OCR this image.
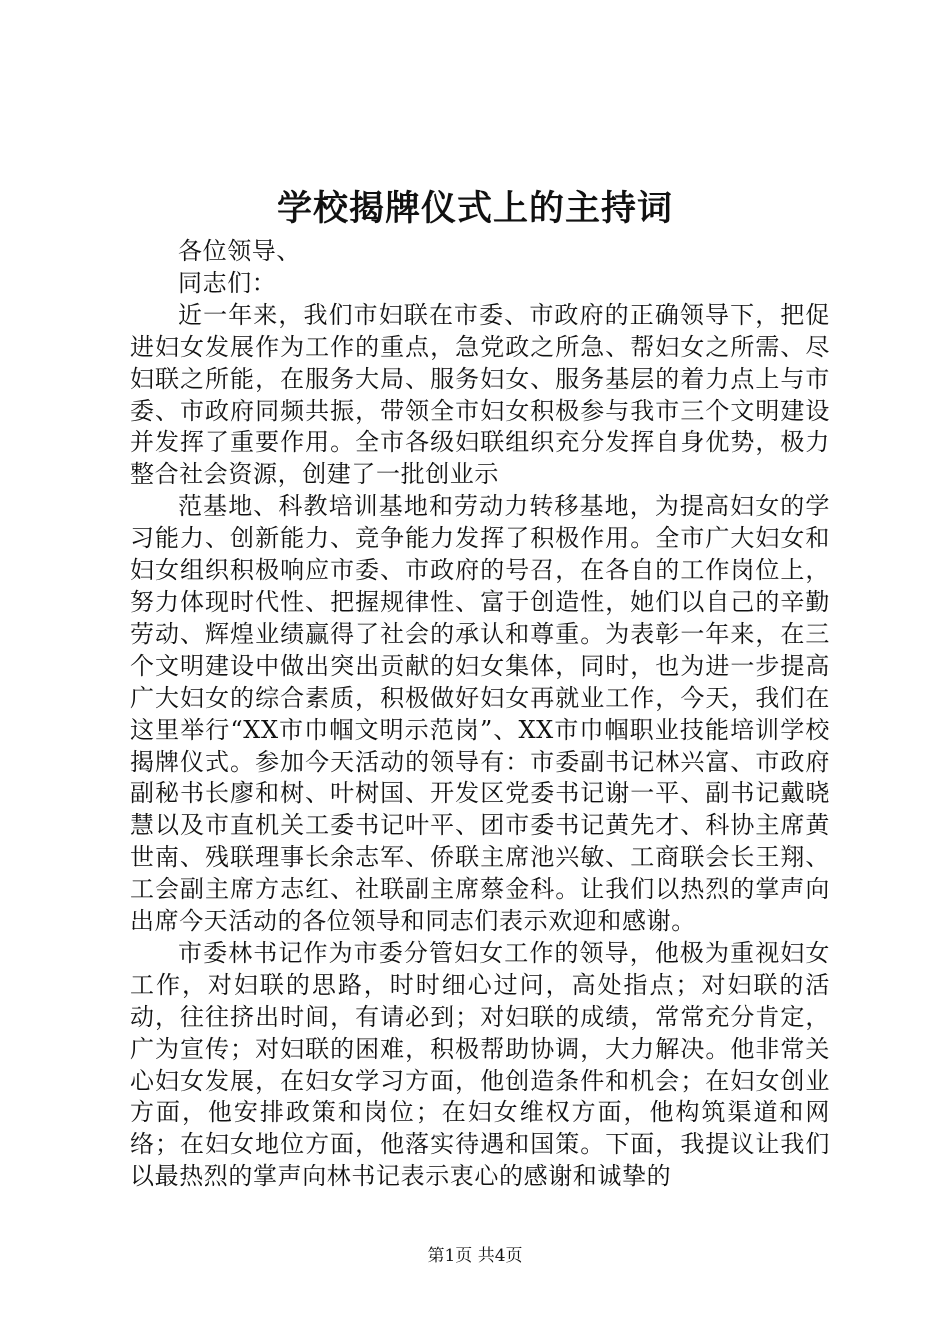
学校揭牌仪式上的主持词

各位领导、

同志们：

近一年来，我们市妇联在市委、市政府的正确领导下，把促进妇女发展作为工作的重点，急党政之所急、帮妇女之所需、尽妇联之所能，在服务大局、服务妇女、服务基层的着力点上与市委、市政府同频共振，带领全市妇女积极参与我市三个文明建设并发挥了重要作用。全市各级妇联组织充分发挥自身优势，极力整合社会资源，创建了一批创业示

范基地、科教培训基地和劳动力转移基地，为提高妇女的学习能力、创新能力、竞争能力发挥了积极作用。全市广大妇女和妇女组织积极响应市委、市政府的号召，在各自的工作岗位上，努力体现时代性、把握规律性、富于创造性，她们以自己的辛勤劳动、辉煌业绩赢得了社会的承认和尊重。为表彰一年来，在三个文明建设中做出突出贡献的妇女集体，同时，也为进一步提高广大妇女的综合素质，积极做好妇女再就业工作，今天，我们在这里举行“XX市巾帼文明示范岗”、XX市巾帼职业技能培训学校揭牌仪式。参加今天活动的领导有：市委副书记林兴富、市政府副秘书长廖和树、叶树国、开发区党委书记谢一平、副书记戴晓慧以及市直机关工委书记叶平、团市委书记黄先才、科协主席黄世南、残联理事长余志军、侨联主席池兴敏、工商联会长王翔、工会副主席方志红、社联副主席蔡金科。让我们以热烈的掌声向出席今天活动的各位领导和同志们表示欢迎和感谢。

市委林书记作为市委分管妇女工作的领导，他极为重视妇女工作，对妇联的思路，时时细心过问，高处指点；对妇联的活动，往往挤出时间，有请必到；对妇联的成绩，常常充分肯定，广为宣传；对妇联的困难，积极帮助协调，大力解决。他非常关心妇女发展，在妇女学习方面，他创造条件和机会；在妇女创业方面，他安排政策和岗位；在妇女维权方面，他构筑渠道和网络；在妇女地位方面，他落实待遇和国策。下面，我提议让我们以最热烈的掌声向林书记表示衷心的感谢和诚挚的

第1页 共4页
